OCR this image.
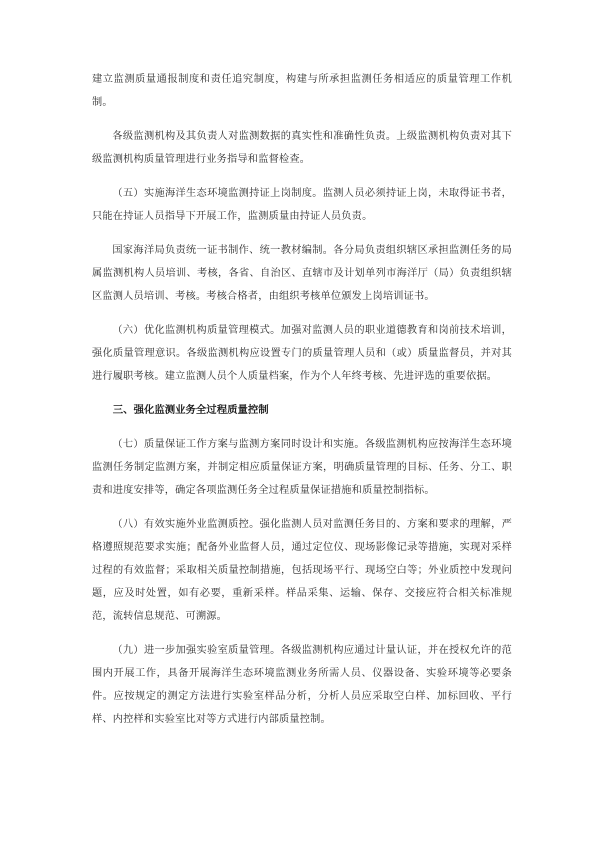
建立监测质量通报制度和责任追究制度，构建与所承担监测任务相适应的质量管理工作机制。

各级监测机构及其负责人对监测数据的真实性和准确性负责。上级监测机构负责对其下级监测机构质量管理进行业务指导和监督检查。

（五）实施海洋生态环境监测持证上岗制度。监测人员必须持证上岗，未取得证书者，只能在持证人员指导下开展工作，监测质量由持证人员负责。

国家海洋局负责统一证书制作、统一教材编制。各分局负责组织辖区承担监测任务的局属监测机构人员培训、考核，各省、自治区、直辖市及计划单列市海洋厅（局）负责组织辖区监测人员培训、考核。考核合格者，由组织考核单位颁发上岗培训证书。

（六）优化监测机构质量管理模式。加强对监测人员的职业道德教育和岗前技术培训，强化质量管理意识。各级监测机构应设置专门的质量管理人员和（或）质量监督员，并对其进行履职考核。建立监测人员个人质量档案，作为个人年终考核、先进评选的重要依据。

三、强化监测业务全过程质量控制

（七）质量保证工作方案与监测方案同时设计和实施。各级监测机构应按海洋生态环境监测任务制定监测方案，并制定相应质量保证方案，明确质量管理的目标、任务、分工、职责和进度安排等，确定各项监测任务全过程质量保证措施和质量控制指标。

（八）有效实施外业监测质控。强化监测人员对监测任务目的、方案和要求的理解，严格遵照规范要求实施；配备外业监督人员，通过定位仪、现场影像记录等措施，实现对采样过程的有效监督；采取相关质量控制措施，包括现场平行、现场空白等；外业质控中发现问题，应及时处置，如有必要，重新采样。样品采集、运输、保存、交接应符合相关标准规范，流转信息规范、可溯源。

（九）进一步加强实验室质量管理。各级监测机构应通过计量认证，并在授权允许的范围内开展工作，具备开展海洋生态环境监测业务所需人员、仪器设备、实验环境等必要条件。应按规定的测定方法进行实验室样品分析，分析人员应采取空白样、加标回收、平行样、内控样和实验室比对等方式进行内部质量控制。
